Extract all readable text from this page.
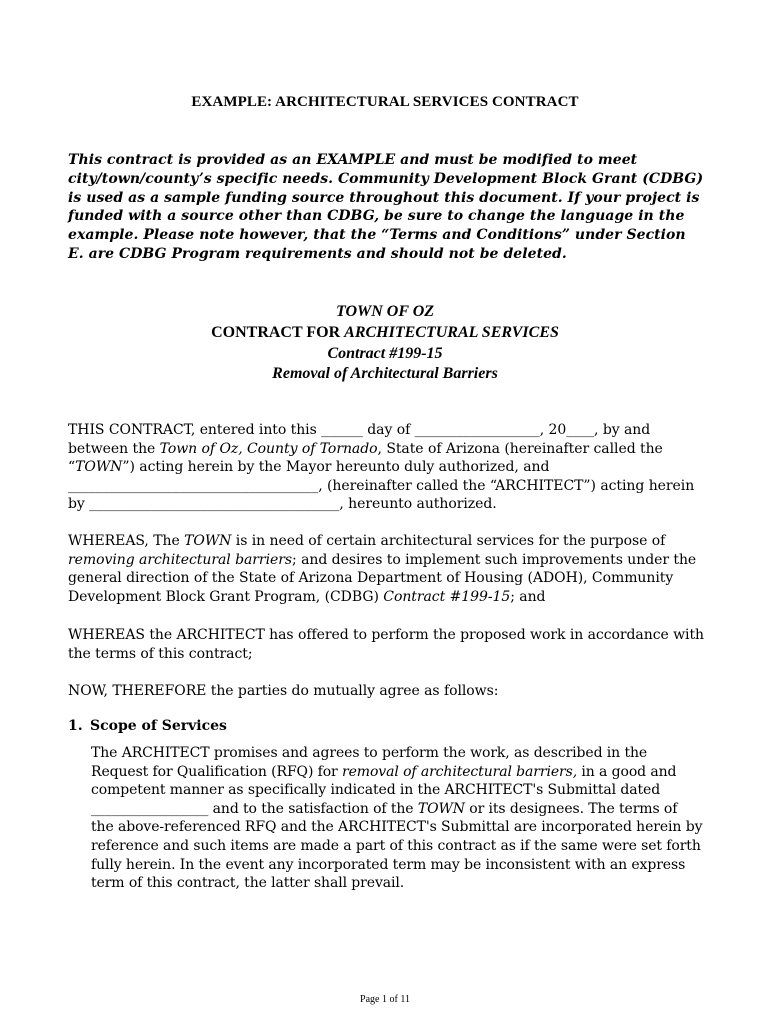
EXAMPLE: ARCHITECTURAL SERVICES CONTRACT
This contract is provided as an EXAMPLE and must be modified to meet
city/town/county’s specific needs. Community Development Block Grant (CDBG)
is used as a sample funding source throughout this document. If your project is
funded with a source other than CDBG, be sure to change the language in the
example. Please note however, that the “Terms and Conditions” under Section
E. are CDBG Program requirements and should not be deleted.
TOWN OF OZ
CONTRACT FOR ARCHITECTURAL SERVICES
Contract #199-15
Removal of Architectural Barriers
THIS CONTRACT, entered into this ______ day of __________________, 20____, by and
between the Town of Oz, County of Tornado, State of Arizona (hereinafter called the
“TOWN”) acting herein by the Mayor hereunto duly authorized, and
____________________________________, (hereinafter called the “ARCHITECT”) acting herein
by ____________________________________, hereunto authorized.
WHEREAS, The TOWN is in need of certain architectural services for the purpose of
removing architectural barriers; and desires to implement such improvements under the
general direction of the State of Arizona Department of Housing (ADOH), Community
Development Block Grant Program, (CDBG) Contract #199-15; and
WHEREAS the ARCHITECT has offered to perform the proposed work in accordance with
the terms of this contract;
NOW, THEREFORE the parties do mutually agree as follows:
1. Scope of Services
The ARCHITECT promises and agrees to perform the work, as described in the
Request for Qualification (RFQ) for removal of architectural barriers, in a good and
competent manner as specifically indicated in the ARCHITECT's Submittal dated
_________________ and to the satisfaction of the TOWN or its designees. The terms of
the above-referenced RFQ and the ARCHITECT's Submittal are incorporated herein by
reference and such items are made a part of this contract as if the same were set forth
fully herein. In the event any incorporated term may be inconsistent with an express
term of this contract, the latter shall prevail.
Page 1 of 11
